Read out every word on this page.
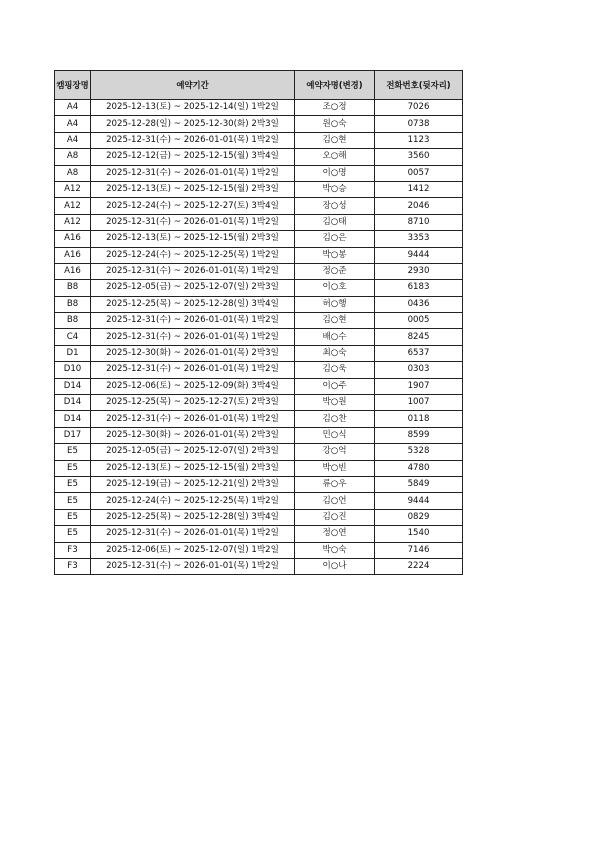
캠핑장명	예약기간	예약자명(변경)	전화번호(뒷자리)
A4	2025-12-13(토) ~ 2025-12-14(일) 1박2일	조○정	7026
A4	2025-12-28(일) ~ 2025-12-30(화) 2박3일	원○숙	0738
A4	2025-12-31(수) ~ 2026-01-01(목) 1박2일	김○현	1123
A8	2025-12-12(금) ~ 2025-12-15(월) 3박4일	오○해	3560
A8	2025-12-31(수) ~ 2026-01-01(목) 1박2일	이○명	0057
A12	2025-12-13(토) ~ 2025-12-15(월) 2박3일	박○승	1412
A12	2025-12-24(수) ~ 2025-12-27(토) 3박4일	장○성	2046
A12	2025-12-31(수) ~ 2026-01-01(목) 1박2일	김○태	8710
A16	2025-12-13(토) ~ 2025-12-15(월) 2박3일	김○은	3353
A16	2025-12-24(수) ~ 2025-12-25(목) 1박2일	박○봉	9444
A16	2025-12-31(수) ~ 2026-01-01(목) 1박2일	정○준	2930
B8	2025-12-05(금) ~ 2025-12-07(일) 2박3일	이○호	6183
B8	2025-12-25(목) ~ 2025-12-28(일) 3박4일	허○행	0436
B8	2025-12-31(수) ~ 2026-01-01(목) 1박2일	김○현	0005
C4	2025-12-31(수) ~ 2026-01-01(목) 1박2일	배○수	8245
D1	2025-12-30(화) ~ 2026-01-01(목) 2박3일	최○숙	6537
D10	2025-12-31(수) ~ 2026-01-01(목) 1박2일	김○욱	0303
D14	2025-12-06(토) ~ 2025-12-09(화) 3박4일	이○주	1907
D14	2025-12-25(목) ~ 2025-12-27(토) 2박3일	박○원	1007
D14	2025-12-31(수) ~ 2026-01-01(목) 1박2일	김○찬	0118
D17	2025-12-30(화) ~ 2026-01-01(목) 2박3일	민○식	8599
E5	2025-12-05(금) ~ 2025-12-07(일) 2박3일	강○억	5328
E5	2025-12-13(토) ~ 2025-12-15(월) 2박3일	박○빈	4780
E5	2025-12-19(금) ~ 2025-12-21(일) 2박3일	류○우	5849
E5	2025-12-24(수) ~ 2025-12-25(목) 1박2일	김○언	9444
E5	2025-12-25(목) ~ 2025-12-28(일) 3박4일	김○진	0829
E5	2025-12-31(수) ~ 2026-01-01(목) 1박2일	정○연	1540
F3	2025-12-06(토) ~ 2025-12-07(일) 1박2일	박○숙	7146
F3	2025-12-31(수) ~ 2026-01-01(목) 1박2일	이○나	2224
